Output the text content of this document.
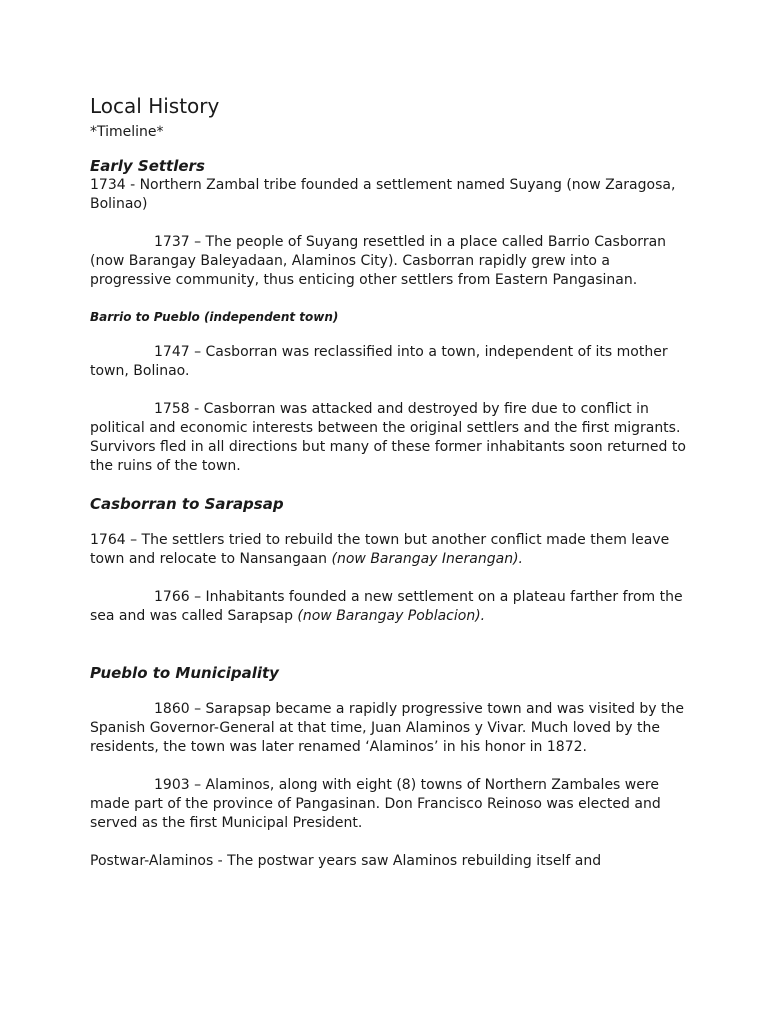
Local History
*Timeline*
Early Settlers

1734 - Northern Zambal tribe founded a settlement named Suyang (now Zaragosa, Bolinao)

1737 – The people of Suyang resettled in a place called Barrio Casborran (now Barangay Baleyadaan, Alaminos City). Casborran rapidly grew into a progressive community, thus enticing other settlers from Eastern Pangasinan.

Barrio to Pueblo (independent town)

1747 – Casborran was reclassified into a town, independent of its mother town, Bolinao.

1758 - Casborran was attacked and destroyed by fire due to conflict in political and economic interests between the original settlers and the first migrants. Survivors fled in all directions but many of these former inhabitants soon returned to the ruins of the town.

Casborran to Sarapsap

1764 – The settlers tried to rebuild the town but another conflict made them leave town and relocate to Nansangaan (now Barangay Inerangan).

1766 – Inhabitants founded a new settlement on a plateau farther from the sea and was called Sarapsap (now Barangay Poblacion).

Pueblo to Municipality

1860 – Sarapsap became a rapidly progressive town and was visited by the Spanish Governor-General at that time, Juan Alaminos y Vivar. Much loved by the residents, the town was later renamed ‘Alaminos’ in his honor in 1872.

1903 – Alaminos, along with eight (8) towns of Northern Zambales were made part of the province of Pangasinan. Don Francisco Reinoso was elected and served as the first Municipal President.

Postwar-Alaminos - The postwar years saw Alaminos rebuilding itself and
